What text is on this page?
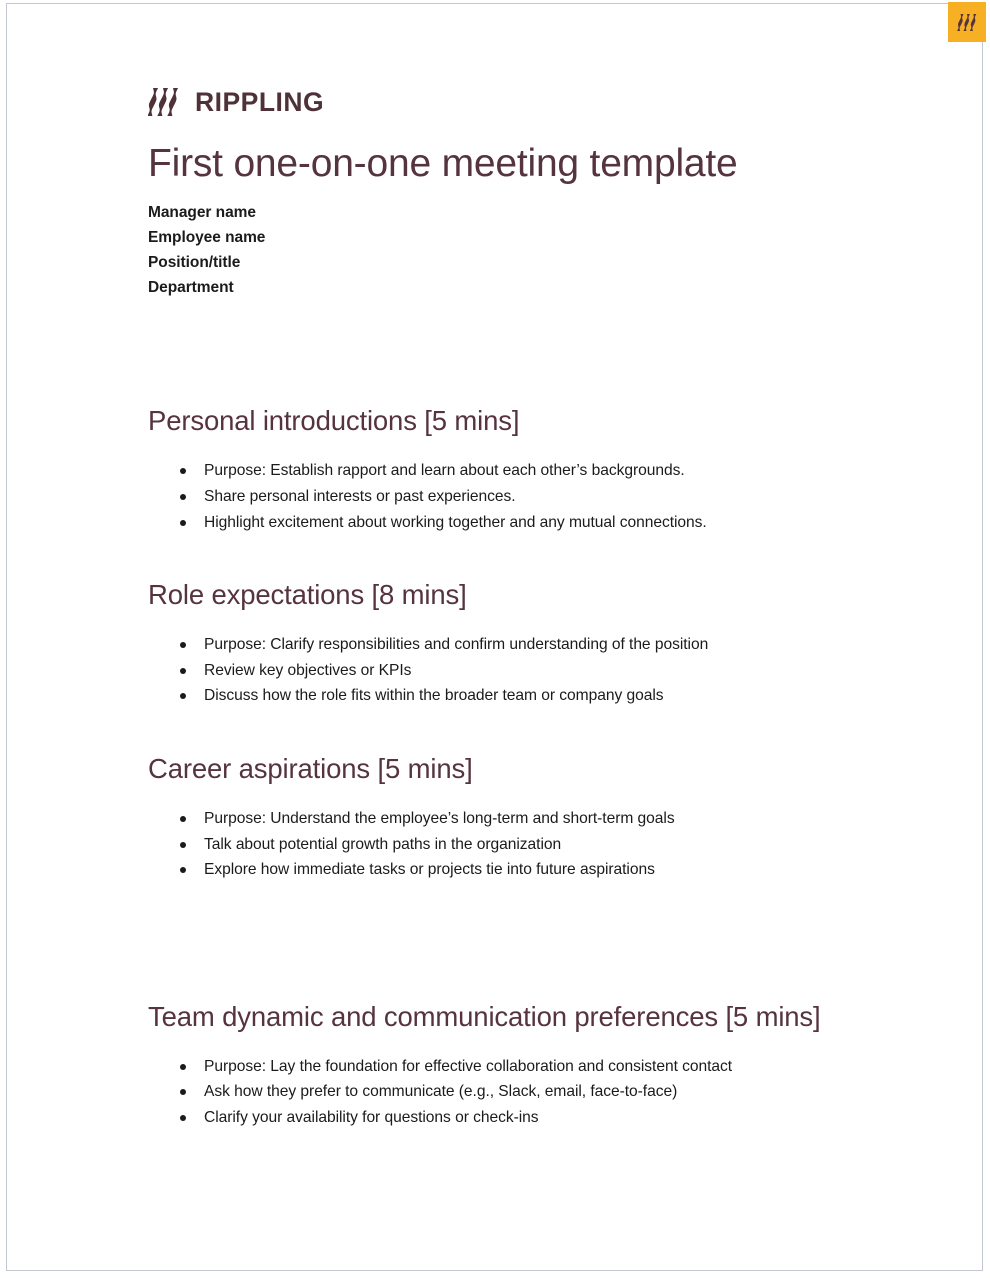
RIPPLING
First one-on-one meeting template
Manager name
Employee name
Position/title
Department
Personal introductions [5 mins]
Purpose: Establish rapport and learn about each other’s backgrounds.
Share personal interests or past experiences.
Highlight excitement about working together and any mutual connections.
Role expectations [8 mins]
Purpose: Clarify responsibilities and confirm understanding of the position
Review key objectives or KPIs
Discuss how the role fits within the broader team or company goals
Career aspirations [5 mins]
Purpose: Understand the employee’s long-term and short-term goals
Talk about potential growth paths in the organization
Explore how immediate tasks or projects tie into future aspirations
Team dynamic and communication preferences [5 mins]
Purpose: Lay the foundation for effective collaboration and consistent contact
Ask how they prefer to communicate (e.g., Slack, email, face-to-face)
Clarify your availability for questions or check-ins
